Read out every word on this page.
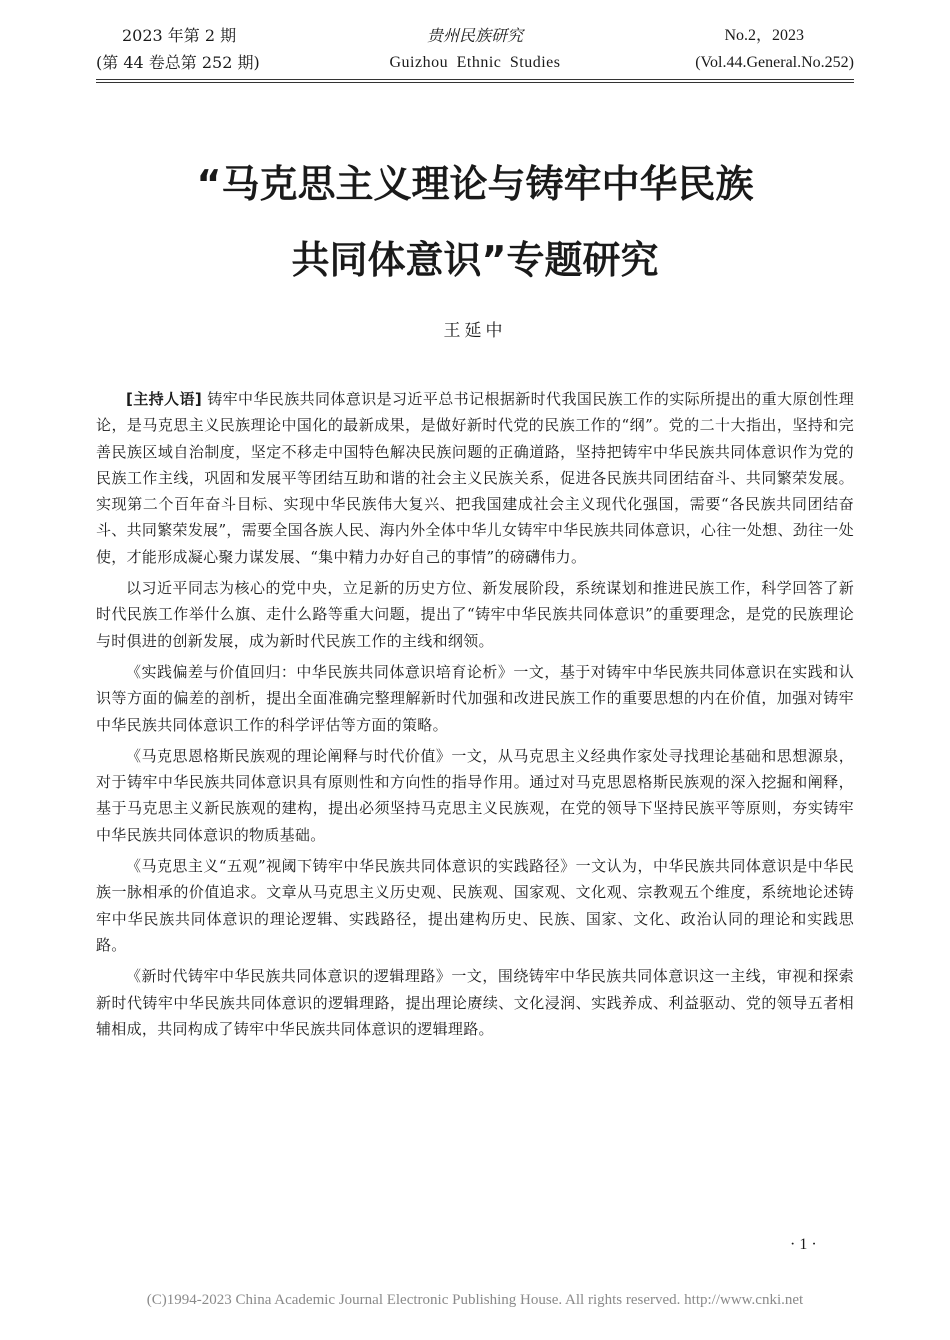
2023 年第 2 期
(第 44 卷总第 252 期)
贵州民族研究
Guizhou Ethnic Studies
No.2，2023
(Vol.44.General.No.252)
“马克思主义理论与铸牢中华民族
共同体意识”专题研究
王延中

[主持人语] 铸牢中华民族共同体意识是习近平总书记根据新时代我国民族工作的实际所提出的重大原创性理论，是马克思主义民族理论中国化的最新成果，是做好新时代党的民族工作的“纲”。党的二十大指出，坚持和完善民族区域自治制度，坚定不移走中国特色解决民族问题的正确道路，坚持把铸牢中华民族共同体意识作为党的民族工作主线，巩固和发展平等团结互助和谐的社会主义民族关系，促进各民族共同团结奋斗、共同繁荣发展。实现第二个百年奋斗目标、实现中华民族伟大复兴、把我国建成社会主义现代化强国，需要“各民族共同团结奋斗、共同繁荣发展”，需要全国各族人民、海内外全体中华儿女铸牢中华民族共同体意识，心往一处想、劲往一处使，才能形成凝心聚力谋发展、“集中精力办好自己的事情”的磅礴伟力。

以习近平同志为核心的党中央，立足新的历史方位、新发展阶段，系统谋划和推进民族工作，科学回答了新时代民族工作举什么旗、走什么路等重大问题，提出了“铸牢中华民族共同体意识”的重要理念，是党的民族理论与时俱进的创新发展，成为新时代民族工作的主线和纲领。

《实践偏差与价值回归：中华民族共同体意识培育论析》一文，基于对铸牢中华民族共同体意识在实践和认识等方面的偏差的剖析，提出全面准确完整理解新时代加强和改进民族工作的重要思想的内在价值，加强对铸牢中华民族共同体意识工作的科学评估等方面的策略。

《马克思恩格斯民族观的理论阐释与时代价值》一文，从马克思主义经典作家处寻找理论基础和思想源泉，对于铸牢中华民族共同体意识具有原则性和方向性的指导作用。通过对马克思恩格斯民族观的深入挖掘和阐释，基于马克思主义新民族观的建构，提出必须坚持马克思主义民族观，在党的领导下坚持民族平等原则，夯实铸牢中华民族共同体意识的物质基础。

《马克思主义“五观”视阈下铸牢中华民族共同体意识的实践路径》一文认为，中华民族共同体意识是中华民族一脉相承的价值追求。文章从马克思主义历史观、民族观、国家观、文化观、宗教观五个维度，系统地论述铸牢中华民族共同体意识的理论逻辑、实践路径，提出建构历史、民族、国家、文化、政治认同的理论和实践思路。

《新时代铸牢中华民族共同体意识的逻辑理路》一文，围绕铸牢中华民族共同体意识这一主线，审视和探索新时代铸牢中华民族共同体意识的逻辑理路，提出理论赓续、文化浸润、实践养成、利益驱动、党的领导五者相辅相成，共同构成了铸牢中华民族共同体意识的逻辑理路。

· 1 ·
(C)1994-2023 China Academic Journal Electronic Publishing House. All rights reserved. http://www.cnki.net
